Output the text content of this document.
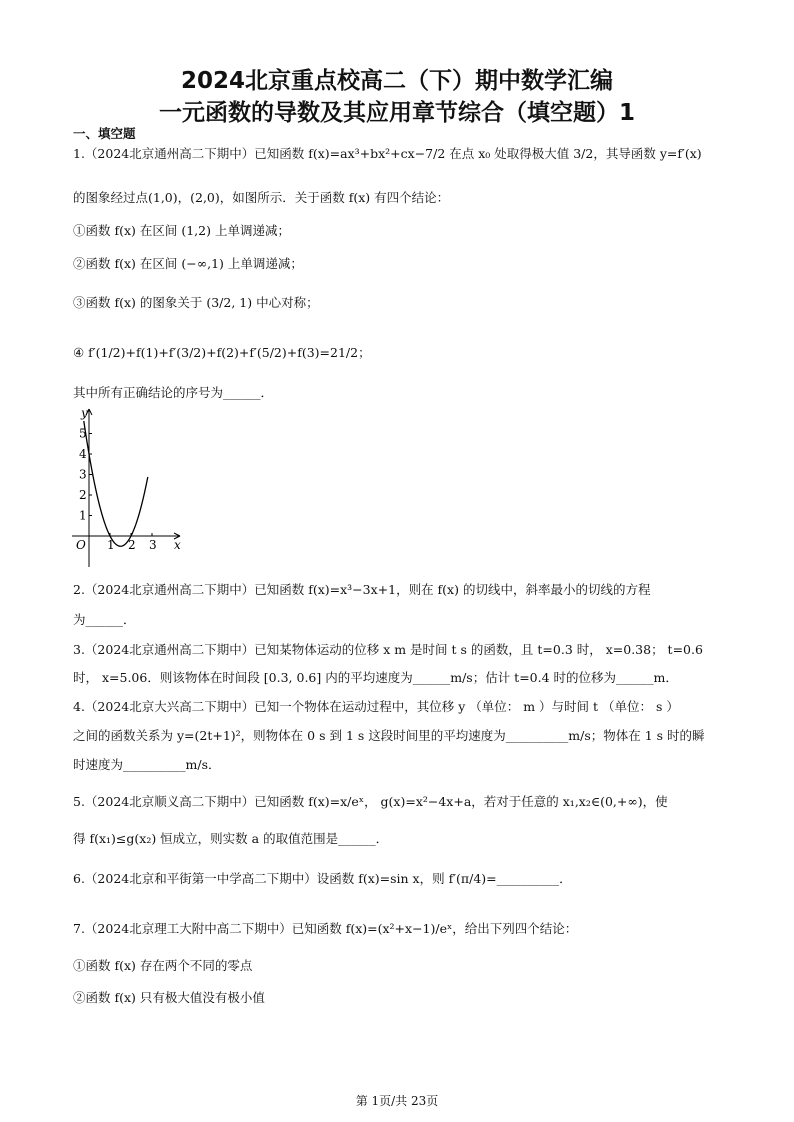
2024北京重点校高二（下）期中数学汇编
一元函数的导数及其应用章节综合（填空题）1
一、填空题
1.（2024北京通州高二下期中）已知函数 f(x)=ax³+bx²+cx−7/2 在点 x₀ 处取得极大值 3/2，其导函数 y=f′(x)
的图象经过点(1,0)，(2,0)，如图所示．关于函数 f(x) 有四个结论：
①函数 f(x) 在区间 (1,2) 上单调递减；
②函数 f(x) 在区间 (−∞,1) 上单调递减；
③函数 f(x) 的图象关于 (3/2, 1) 中心对称；
④ f′(1/2)+f(1)+f′(3/2)+f(2)+f′(5/2)+f(3)=21/2；
其中所有正确结论的序号为______．
1
2
3
4
5
1 2 3
y
x
O
2.（2024北京通州高二下期中）已知函数 f(x)=x³−3x+1，则在 f(x) 的切线中，斜率最小的切线的方程
为______．
3.（2024北京通州高二下期中）已知某物体运动的位移 x m 是时间 t s 的函数，且 t=0.3 时， x=0.38； t=0.6
时， x=5.06．则该物体在时间段 [0.3, 0.6] 内的平均速度为______m/s；估计 t=0.4 时的位移为______m．
4.（2024北京大兴高二下期中）已知一个物体在运动过程中，其位移 y （单位： m ）与时间 t （单位： s ）
之间的函数关系为 y=(2t+1)²，则物体在 0 s 到 1 s 这段时间里的平均速度为__________m/s；物体在 1 s 时的瞬
时速度为__________m/s．
5.（2024北京顺义高二下期中）已知函数 f(x)=x/eˣ， g(x)=x²−4x+a，若对于任意的 x₁,x₂∈(0,+∞)，使
得 f(x₁)≤g(x₂) 恒成立，则实数 a 的取值范围是______．
6.（2024北京和平街第一中学高二下期中）设函数 f(x)=sin x，则 f′(π/4)=__________．
7.（2024北京理工大附中高二下期中）已知函数 f(x)=(x²+x−1)/eˣ，给出下列四个结论：
①函数 f(x) 存在两个不同的零点
②函数 f(x) 只有极大值没有极小值
第 1页/共 23页
